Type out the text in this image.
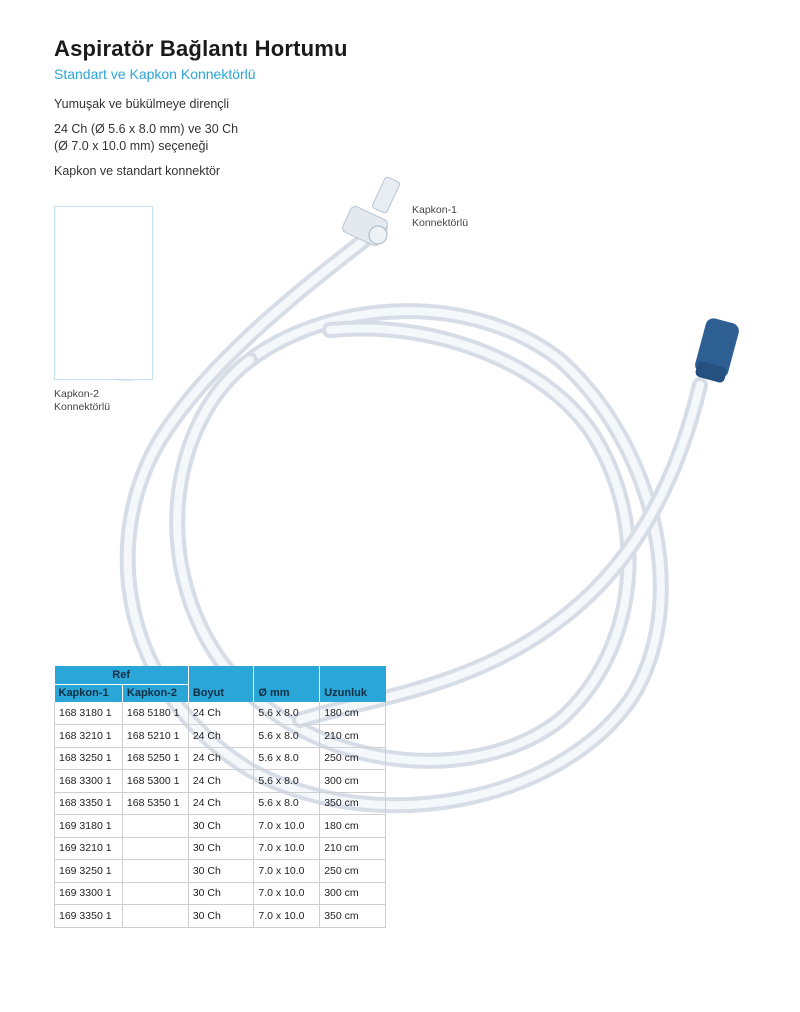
Aspiratör Bağlantı Hortumu

Standart ve Kapkon Konnektörlü

Yumuşak ve bükülmeye dirençli
24 Ch (Ø 5.6 x 8.0 mm) ve 30 Ch
(Ø 7.0 x 10.0 mm) seçeneği
Kapkon ve standart konnektör
Kapkon-1
Konnektörlü
Kapkon-2
Konnektörlü
Ref				
Kapkon-1	Kapkon-2	Boyut	Ø mm	Uzunluk
168 3180 1	168 5180 1	24 Ch	5.6 x 8.0	180 cm
168 3210 1	168 5210 1	24 Ch	5.6 x 8.0	210 cm
168 3250 1	168 5250 1	24 Ch	5.6 x 8.0	250 cm
168 3300 1	168 5300 1	24 Ch	5.6 x 8.0	300 cm
168 3350 1	168 5350 1	24 Ch	5.6 x 8.0	350 cm
169 3180 1		30 Ch	7.0 x 10.0	180 cm
169 3210 1		30 Ch	7.0 x 10.0	210 cm
169 3250 1		30 Ch	7.0 x 10.0	250 cm
169 3300 1		30 Ch	7.0 x 10.0	300 cm
169 3350 1		30 Ch	7.0 x 10.0	350 cm
